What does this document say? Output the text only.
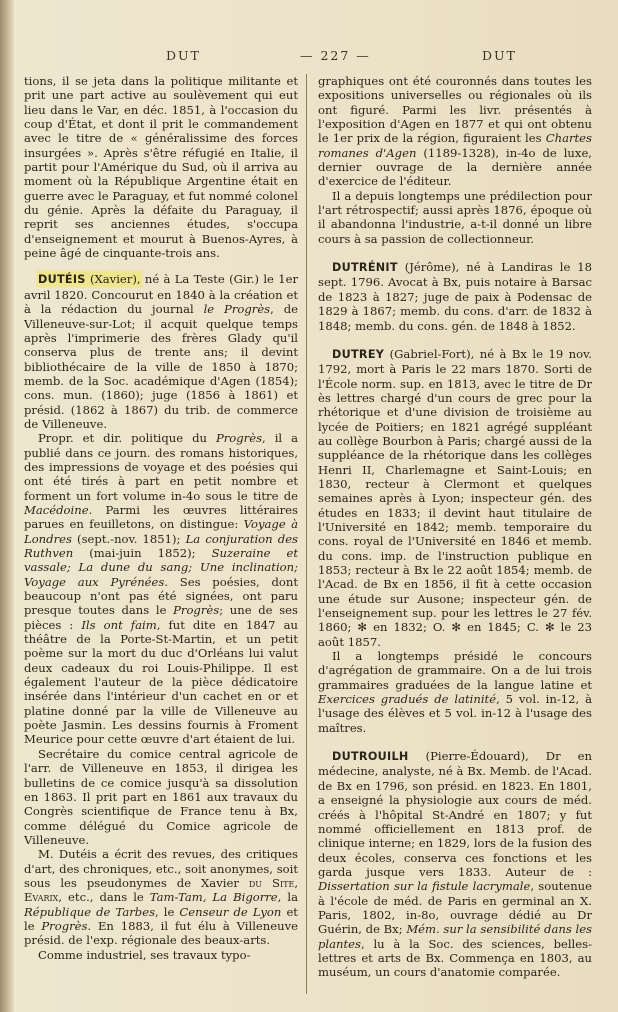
DUT	— 227 —	DUT

tions, il se jeta dans la politique militante et prit une part active au soulèvement qui eut lieu dans le Var, en déc. 1851, à l'occasion du coup d'État, et dont il prit le commandement avec le titre de « généralissime des forces insurgées ». Après s'être réfugié en Italie, il partit pour l'Amérique du Sud, où il arriva au moment où la République Argentine était en guerre avec le Paraguay, et fut nommé colonel du génie. Après la défaite du Paraguay, il reprit ses anciennes études, s'occupa d'enseignement et mourut à Buenos-Ayres, à peine âgé de cinquante-trois ans.

DUTÉIS (Xavier), né à La Teste (Gir.) le 1er avril 1820. Concourut en 1840 à la création et à la rédaction du journal le Progrès, de Villeneuve-sur-Lot; il acquit quelque temps après l'imprimerie des frères Glady qu'il conserva plus de trente ans; il devint bibliothécaire de la ville de 1850 à 1870; memb. de la Soc. académique d'Agen (1854); cons. mun. (1860); juge (1856 à 1861) et présid. (1862 à 1867) du trib. de commerce de Villeneuve.

Propr. et dir. politique du Progrès, il a publié dans ce journ. des romans historiques, des impressions de voyage et des poésies qui ont été tirés à part en petit nombre et forment un fort volume in-4o sous le titre de Macédoine. Parmi les œuvres littéraires parues en feuilletons, on distingue: Voyage à Londres (sept.-nov. 1851); La conjuration des Ruthven (mai-juin 1852); Suzeraine et vassale; La dune du sang; Une inclination; Voyage aux Pyrénées. Ses poésies, dont beaucoup n'ont pas été signées, ont paru presque toutes dans le Progrès; une de ses pièces : Ils ont faim, fut dite en 1847 au théâtre de la Porte-St-Martin, et un petit poème sur la mort du duc d'Orléans lui valut deux cadeaux du roi Louis-Philippe. Il est également l'auteur de la pièce dédicatoire insérée dans l'intérieur d'un cachet en or et platine donné par la ville de Villeneuve au poète Jasmin. Les dessins fournis à Froment Meurice pour cette œuvre d'art étaient de lui.

Secrétaire du comice central agricole de l'arr. de Villeneuve en 1853, il dirigea les bulletins de ce comice jusqu'à sa dissolution en 1863. Il prit part en 1861 aux travaux du Congrès scientifique de France tenu à Bx, comme délégué du Comice agricole de Villeneuve.

M. Dutéis a écrit des revues, des critiques d'art, des chroniques, etc., soit anonymes, soit sous les pseudonymes de Xavier du Site, Evarix, etc., dans le Tam-Tam, La Bigorre, la République de Tarbes, le Censeur de Lyon et le Progrès. En 1883, il fut élu à Villeneuve présid. de l'exp. régionale des beaux-arts.

Comme industriel, ses travaux typo-

graphiques ont été couronnés dans toutes les expositions universelles ou régionales où ils ont figuré. Parmi les livr. présentés à l'exposition d'Agen en 1877 et qui ont obtenu le 1er prix de la région, figuraient les Chartes romanes d'Agen (1189-1328), in-4o de luxe, dernier ouvrage de la dernière année d'exercice de l'éditeur.

Il a depuis longtemps une prédilection pour l'art rétrospectif; aussi après 1876, époque où il abandonna l'industrie, a-t-il donné un libre cours à sa passion de collectionneur.

DUTRÉNIT (Jérôme), né à Landiras le 18 sept. 1796. Avocat à Bx, puis notaire à Barsac de 1823 à 1827; juge de paix à Podensac de 1829 à 1867; memb. du cons. d'arr. de 1832 à 1848; memb. du cons. gén. de 1848 à 1852.

DUTREY (Gabriel-Fort), né à Bx le 19 nov. 1792, mort à Paris le 22 mars 1870. Sorti de l'École norm. sup. en 1813, avec le titre de Dr ès lettres chargé d'un cours de grec pour la rhétorique et d'une division de troisième au lycée de Poitiers; en 1821 agrégé suppléant au collège Bourbon à Paris; chargé aussi de la suppléance de la rhétorique dans les collèges Henri II, Charlemagne et Saint-Louis; en 1830, recteur à Clermont et quelques semaines après à Lyon; inspecteur gén. des études en 1833; il devint haut titulaire de l'Université en 1842; memb. temporaire du cons. royal de l'Université en 1846 et memb. du cons. imp. de l'instruction publique en 1853; recteur à Bx le 22 août 1854; memb. de l'Acad. de Bx en 1856, il fit à cette occasion une étude sur Ausone; inspecteur gén. de l'enseignement sup. pour les lettres le 27 fév. 1860; ✻ en 1832; O. ✻ en 1845; C. ✻ le 23 août 1857.

Il a longtemps présidé le concours d'agrégation de grammaire. On a de lui trois grammaires graduées de la langue latine et Exercices gradués de latinité, 5 vol. in-12, à l'usage des élèves et 5 vol. in-12 à l'usage des maîtres.

DUTROUILH (Pierre-Édouard), Dr en médecine, analyste, né à Bx. Memb. de l'Acad. de Bx en 1796, son présid. en 1823. En 1801, a enseigné la physiologie aux cours de méd. créés à l'hôpital St-André en 1807; y fut nommé officiellement en 1813 prof. de clinique interne; en 1829, lors de la fusion des deux écoles, conserva ces fonctions et les garda jusque vers 1833. Auteur de : Dissertation sur la fistule lacrymale, soutenue à l'école de méd. de Paris en germinal an X. Paris, 1802, in-8o, ouvrage dédié au Dr Guérin, de Bx; Mém. sur la sensibilité dans les plantes, lu à la Soc. des sciences, belles-lettres et arts de Bx. Commença en 1803, au muséum, un cours d'anatomie comparée.
